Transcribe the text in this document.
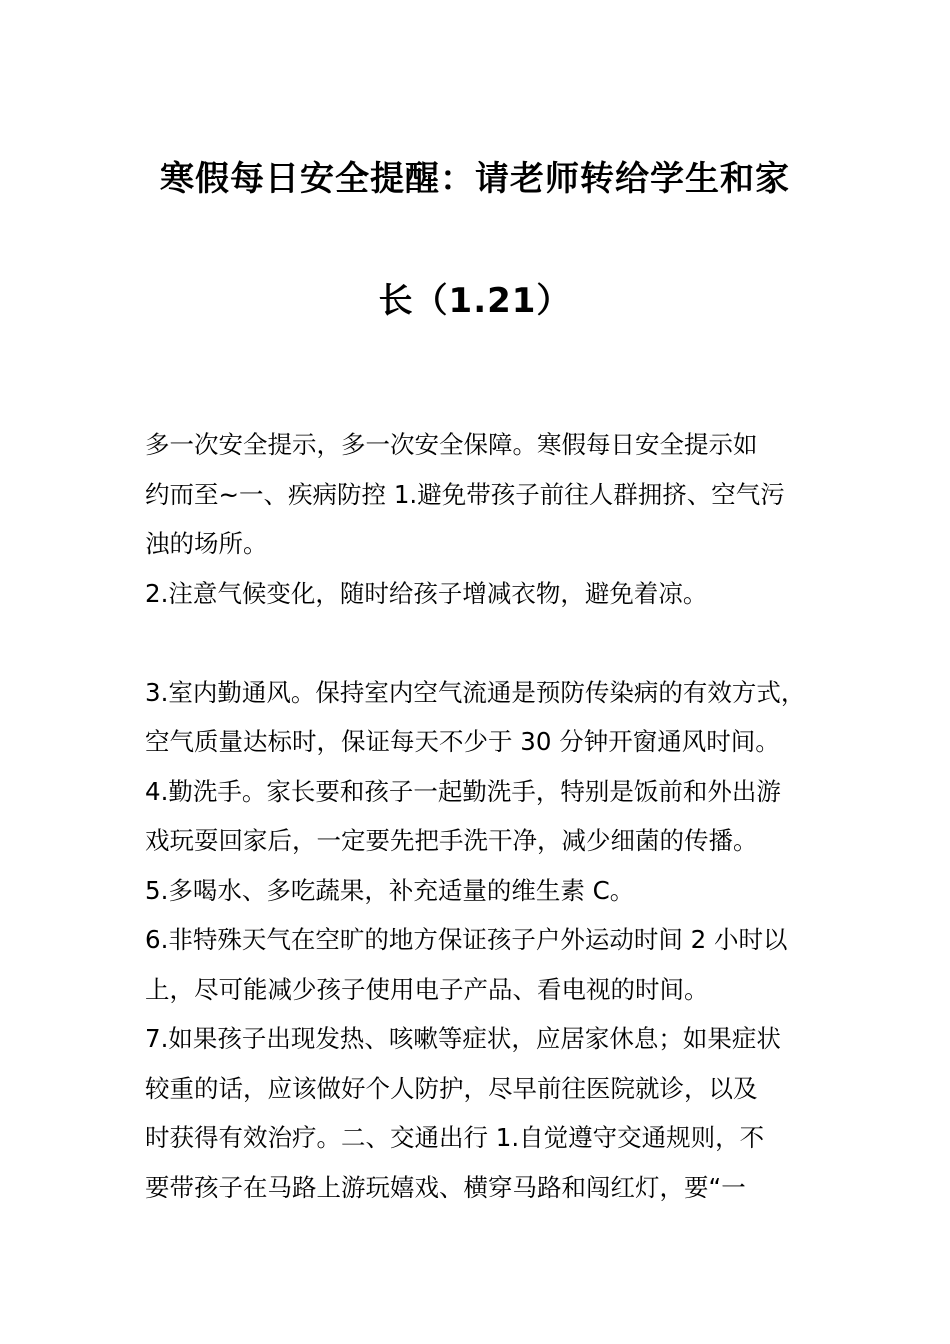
寒假每日安全提醒：请老师转给学生和家
长（1.21）
多一次安全提示，多一次安全保障。寒假每日安全提示如
约而至~一、疾病防控 1.避免带孩子前往人群拥挤、空气污
浊的场所。
2.注意气候变化，随时给孩子增减衣物，避免着凉。
3.室内勤通风。保持室内空气流通是预防传染病的有效方式，
空气质量达标时，保证每天不少于 30 分钟开窗通风时间。
4.勤洗手。家长要和孩子一起勤洗手，特别是饭前和外出游
戏玩耍回家后，一定要先把手洗干净，减少细菌的传播。
5.多喝水、多吃蔬果，补充适量的维生素 C。
6.非特殊天气在空旷的地方保证孩子户外运动时间 2 小时以
上，尽可能减少孩子使用电子产品、看电视的时间。
7.如果孩子出现发热、咳嗽等症状，应居家休息；如果症状
较重的话，应该做好个人防护，尽早前往医院就诊，以及
时获得有效治疗。二、交通出行 1.自觉遵守交通规则，不
要带孩子在马路上游玩嬉戏、横穿马路和闯红灯，要“一
